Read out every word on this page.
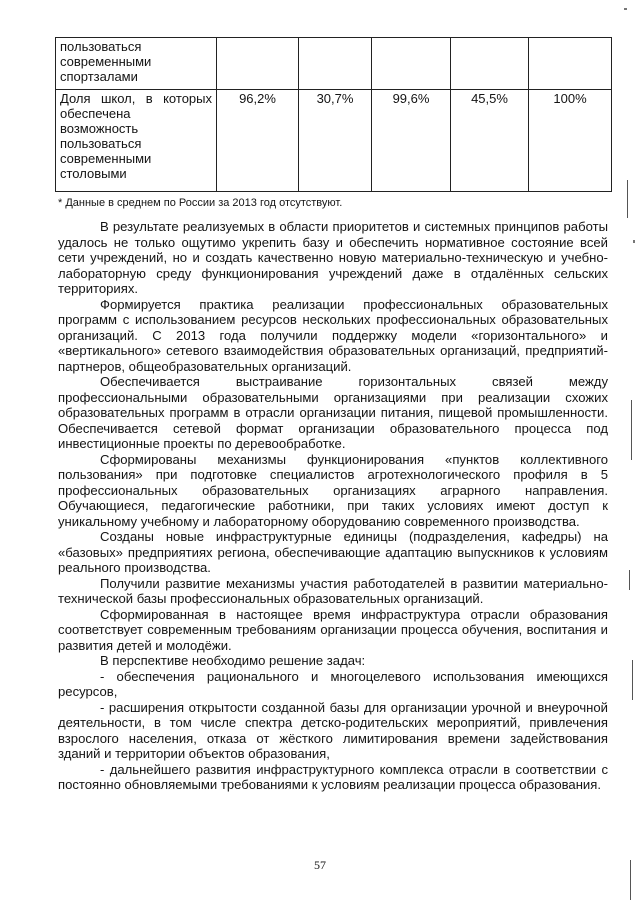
пользоваться современными спортзалами					
Доля школ, в которых обеспечена возможность пользоваться современными столовыми	96,2%	30,7%	99,6%	45,5%	100%
* Данные в среднем по России за 2013 год отсутствуют.

В результате реализуемых в области приоритетов и системных принципов работы удалось не только ощутимо укрепить базу и обеспечить нормативное состояние всей сети учреждений, но и создать качественно новую материально-техническую и учебно-лабораторную среду функционирования учреждений даже в отдалённых сельских территориях.

Формируется практика реализации профессиональных образовательных программ с использованием ресурсов нескольких профессиональных образовательных организаций. С 2013 года получили поддержку модели «горизонтального» и «вертикального» сетевого взаимодействия образовательных организаций, предприятий-партнеров, общеобразовательных организаций.

Обеспечивается выстраивание горизонтальных связей между профессиональными образовательными организациями при реализации схожих образовательных программ в отрасли организации питания, пищевой промышленности. Обеспечивается сетевой формат организации образовательного процесса под инвестиционные проекты по деревообработке.

Сформированы механизмы функционирования «пунктов коллективного пользования» при подготовке специалистов агротехнологического профиля в 5 профессиональных образовательных организациях аграрного направления. Обучающиеся, педагогические работники, при таких условиях имеют доступ к уникальному учебному и лабораторному оборудованию современного производства.

Созданы новые инфраструктурные единицы (подразделения, кафедры) на «базовых» предприятиях региона, обеспечивающие адаптацию выпускников к условиям реального производства.

Получили развитие механизмы участия работодателей в развитии материально-технической базы профессиональных образовательных организаций.

Сформированная в настоящее время инфраструктура отрасли образования соответствует современным требованиям организации процесса обучения, воспитания и развития детей и молодёжи.

В перспективе необходимо решение задач:

- обеспечения рационального и многоцелевого использования имеющихся ресурсов,

- расширения открытости созданной базы для организации урочной и внеурочной деятельности, в том числе спектра детско-родительских мероприятий, привлечения взрослого населения, отказа от жёсткого лимитирования времени задействования зданий и территории объектов образования,

- дальнейшего развития инфраструктурного комплекса отрасли в соответствии с постоянно обновляемыми требованиями к условиям реализации процесса образования.

57
